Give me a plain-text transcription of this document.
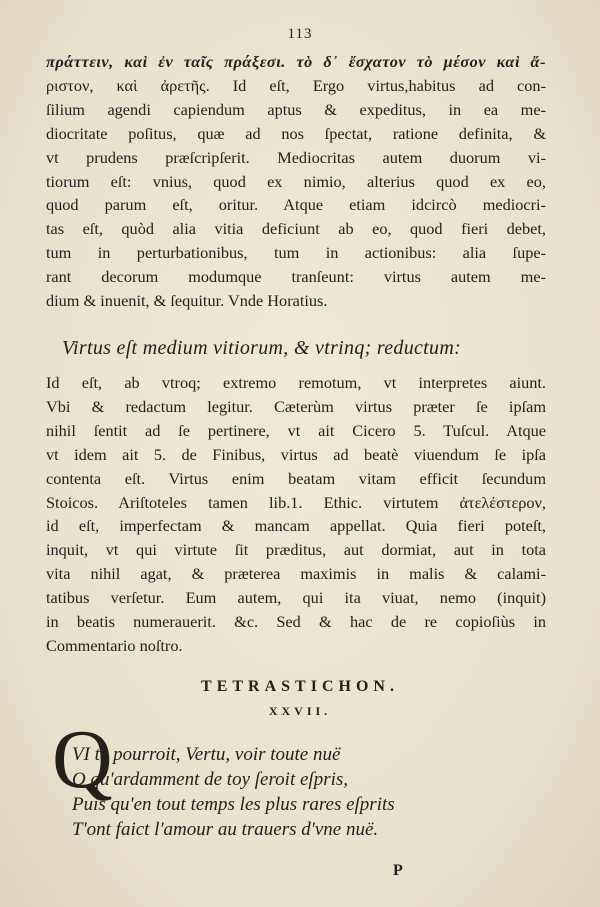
113
πράττειν, καὶ ἐν ταῖς πράξεσι. τὸ δ᾽ ἔσχατον τὸ μέσον καὶ ἄ-
ριστον, καὶ ἀρετῆς. Id eſt, Ergo virtus,habitus ad con-
ſilium agendi capiendum aptus & expeditus, in ea me-
diocritate poſitus, quæ ad nos ſpectat, ratione definita, &
vt prudens præſcripſerit. Mediocritas autem duorum vi-
tiorum eſt: vnius, quod ex nimio, alterius quod ex eo,
quod parum eſt, oritur. Atque etiam idcircò mediocri-
tas eſt, quòd alia vitia deficiunt ab eo, quod fieri debet,
tum in perturbationibus, tum in actionibus: alia ſupe-
rant decorum modumque tranſeunt: virtus autem me-
dium & inuenit, & ſequitur. Vnde Horatius.
Virtus eſt medium vitiorum, & vtrinq; reductum:
Id eſt, ab vtroq; extremo remotum, vt interpretes aiunt.
Vbi & redactum legitur. Cæterùm virtus præter ſe ipſam
nihil ſentit ad ſe pertinere, vt ait Cicero 5. Tuſcul. Atque
vt idem ait 5. de Finibus, virtus ad beatè viuendum ſe ipſa
contenta eſt. Virtus enim beatam vitam efficit ſecundum
Stoicos. Ariſtoteles tamen lib.1. Ethic. virtutem ἀτελέστερον,
id eſt, imperfectam & mancam appellat. Quia fieri poteſt,
inquit, vt qui virtute ſit præditus, aut dormiat, aut in tota
vita nihil agat, & præterea maximis in malis & calami-
tatibus verſetur. Eum autem, qui ita viuat, nemo (inquit)
in beatis numerauerit. &c. Sed & hac de re copioſiùs in
Commentario noſtro.
TETRASTICHON.
XXVII.
Q
VI te pourroit, Vertu, voir toute nuë
O qu'ardamment de toy ſeroit eſpris,
Puis qu'en tout temps les plus rares eſprits
T'ont faict l'amour au trauers d'vne nuë.
P
